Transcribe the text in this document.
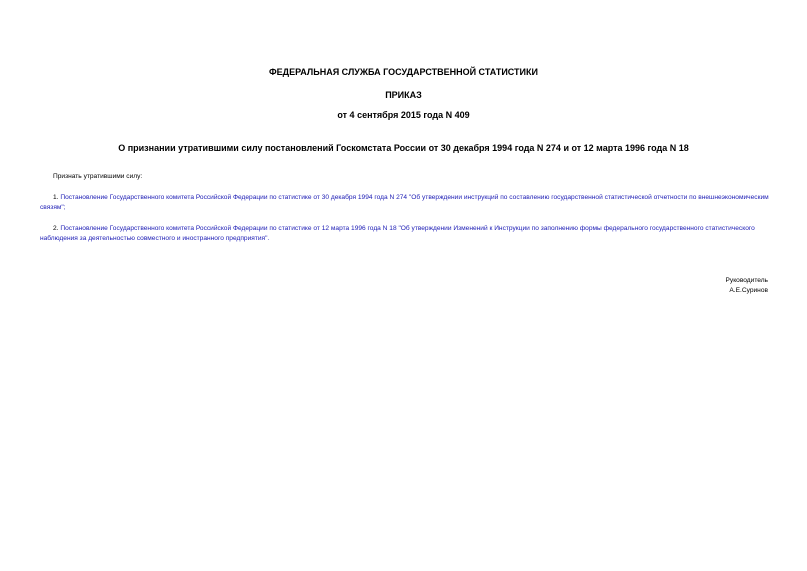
ФЕДЕРАЛЬНАЯ СЛУЖБА ГОСУДАРСТВЕННОЙ СТАТИСТИКИ
ПРИКАЗ
от 4 сентября 2015 года N 409
О признании утратившими силу постановлений Госкомстата России от 30 декабря 1994 года N 274 и от 12 марта 1996 года N 18
Признать утратившими силу:
1. Постановление Государственного комитета Российской Федерации по статистике от 30 декабря 1994 года N 274 "Об утверждении инструкций по составлению государственной статистической отчетности по внешнеэкономическим связям";
2. Постановление Государственного комитета Российской Федерации по статистике от 12 марта 1996 года N 18 "Об утверждении Изменений к Инструкции по заполнению формы федерального государственного статистического наблюдения за деятельностью совместного и иностранного предприятия".
Руководитель
А.Е.Суринов
